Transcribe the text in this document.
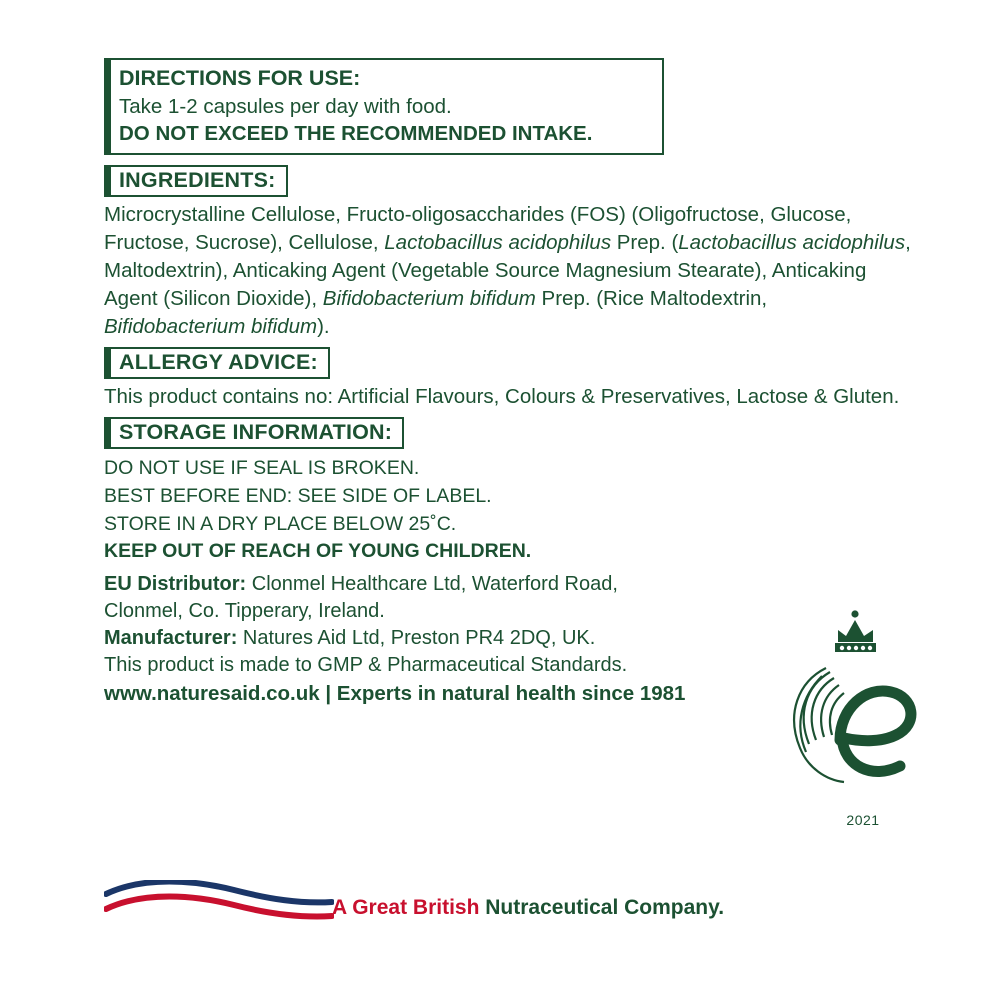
DIRECTIONS FOR USE:
Take 1-2 capsules per day with food.
DO NOT EXCEED THE RECOMMENDED INTAKE.
INGREDIENTS:
Microcrystalline Cellulose, Fructo-oligosaccharides (FOS) (Oligofructose, Glucose, Fructose, Sucrose), Cellulose, Lactobacillus acidophilus Prep. (Lactobacillus acidophilus, Maltodextrin), Anticaking Agent (Vegetable Source Magnesium Stearate), Anticaking Agent (Silicon Dioxide), Bifidobacterium bifidum Prep. (Rice Maltodextrin, Bifidobacterium bifidum).
ALLERGY ADVICE:
This product contains no: Artificial Flavours, Colours & Preservatives, Lactose & Gluten.
STORAGE INFORMATION:
DO NOT USE IF SEAL IS BROKEN.
BEST BEFORE END: SEE SIDE OF LABEL.
STORE IN A DRY PLACE BELOW 25˚C.
KEEP OUT OF REACH OF YOUNG CHILDREN.
EU Distributor: Clonmel Healthcare Ltd, Waterford Road,
Clonmel, Co. Tipperary, Ireland.
Manufacturer: Natures Aid Ltd, Preston PR4 2DQ, UK.
This product is made to GMP & Pharmaceutical Standards.
www.naturesaid.co.uk | Experts in natural health since 1981
A Great British Nutraceutical Company.
2021
